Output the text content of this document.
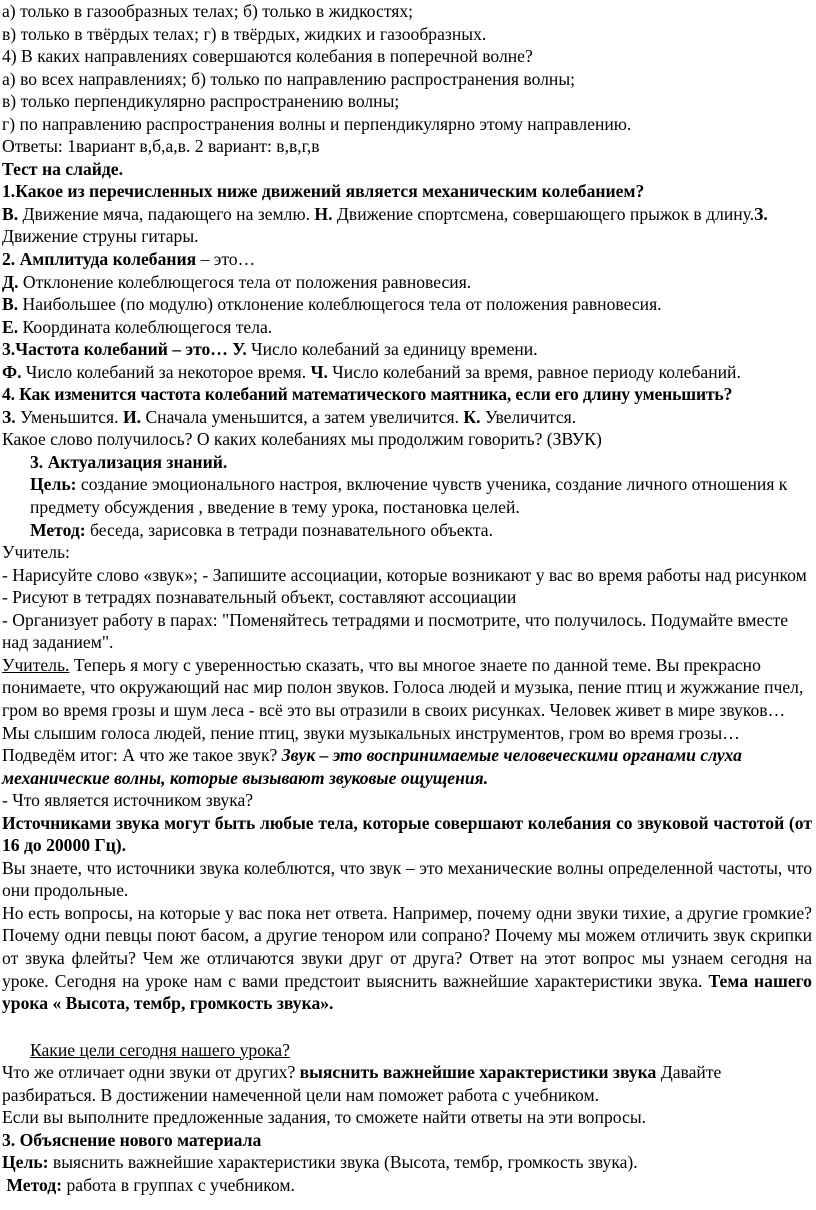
а) только в газообразных телах; б) только в жидкостях;

в) только в твёрдых телах; г) в твёрдых, жидких и газообразных.

4) В каких направлениях совершаются колебания в поперечной волне?

а) во всех направлениях; б) только по направлению распространения волны;

в) только перпендикулярно распространению волны;

г) по направлению распространения волны и перпендикулярно этому направлению.

Ответы: 1вариант в,б,а,в. 2 вариант: в,в,г,в

Тест на слайде.

1.Какое из перечисленных ниже движений является механическим колебанием?

В. Движение мяча, падающего на землю. Н. Движение спортсмена, совершающего прыжок в длину.З. Движение струны гитары.

2. Амплитуда колебания – это…

Д. Отклонение колеблющегося тела от положения равновесия.

В. Наибольшее (по модулю) отклонение колеблющегося тела от положения равновесия.

Е. Координата колеблющегося тела.

3.Частота колебаний – это… У. Число колебаний за единицу времени.

Ф. Число колебаний за некоторое время. Ч. Число колебаний за время, равное периоду колебаний.

4. Как изменится частота колебаний математического маятника, если его длину уменьшить?

З. Уменьшится. И. Сначала уменьшится, а затем увеличится. К. Увеличится.

Какое слово получилось? О каких колебаниях мы продолжим говорить? (ЗВУК)

3. Актуализация знаний.

Цель: создание эмоционального настроя, включение чувств ученика, создание личного отношения к предмету обсуждения , введение в тему урока, постановка целей.

Метод: беседа, зарисовка в тетради познавательного объекта.

Учитель:

- Нарисуйте слово «звук»; - Запишите ассоциации, которые возникают у вас во время работы над рисунком

- Рисуют в тетрадях познавательный объект, составляют ассоциации

- Организует работу в парах: "Поменяйтесь тетрадями и посмотрите, что получилось. Подумайте вместе над заданием".

Учитель. Теперь я могу с уверенностью сказать, что вы многое знаете по данной теме. Вы прекрасно понимаете, что окружающий нас мир полон звуков. Голоса людей и музыка, пение птиц и жужжание пчел, гром во время грозы и шум леса - всё это вы отразили в своих рисунках. Человек живет в мире звуков… Мы слышим голоса людей, пение птиц, звуки музыкальных инструментов, гром во время грозы…

Подведём итог: А что же такое звук? Звук – это воспринимаемые человеческими органами слуха механические волны, которые вызывают звуковые ощущения.

- Что является источником звука?

Источниками звука могут быть любые тела, которые совершают колебания со звуковой частотой (от 16 до 20000 Гц).

Вы знаете, что источники звука колеблются, что звук – это механические волны определенной частоты, что они продольные.

Но есть вопросы, на которые у вас пока нет ответа. Например, почему одни звуки тихие, а другие громкие? Почему одни певцы поют басом, а другие тенором или сопрано? Почему мы можем отличить звук скрипки от звука флейты? Чем же отличаются звуки друг от друга? Ответ на этот вопрос мы узнаем сегодня на уроке. Сегодня на уроке нам с вами предстоит выяснить важнейшие характеристики звука. Тема нашего урока « Высота, тембр, громкость звука».

Какие цели сегодня нашего урока?

Что же отличает одни звуки от других? выяснить важнейшие характеристики звука Давайте разбираться. В достижении намеченной цели нам поможет работа с учебником.

Если вы выполните предложенные задания, то сможете найти ответы на эти вопросы.

3. Объяснение нового материала

Цель: выяснить важнейшие характеристики звука (Высота, тембр, громкость звука).

Метод: работа в группах с учебником.
